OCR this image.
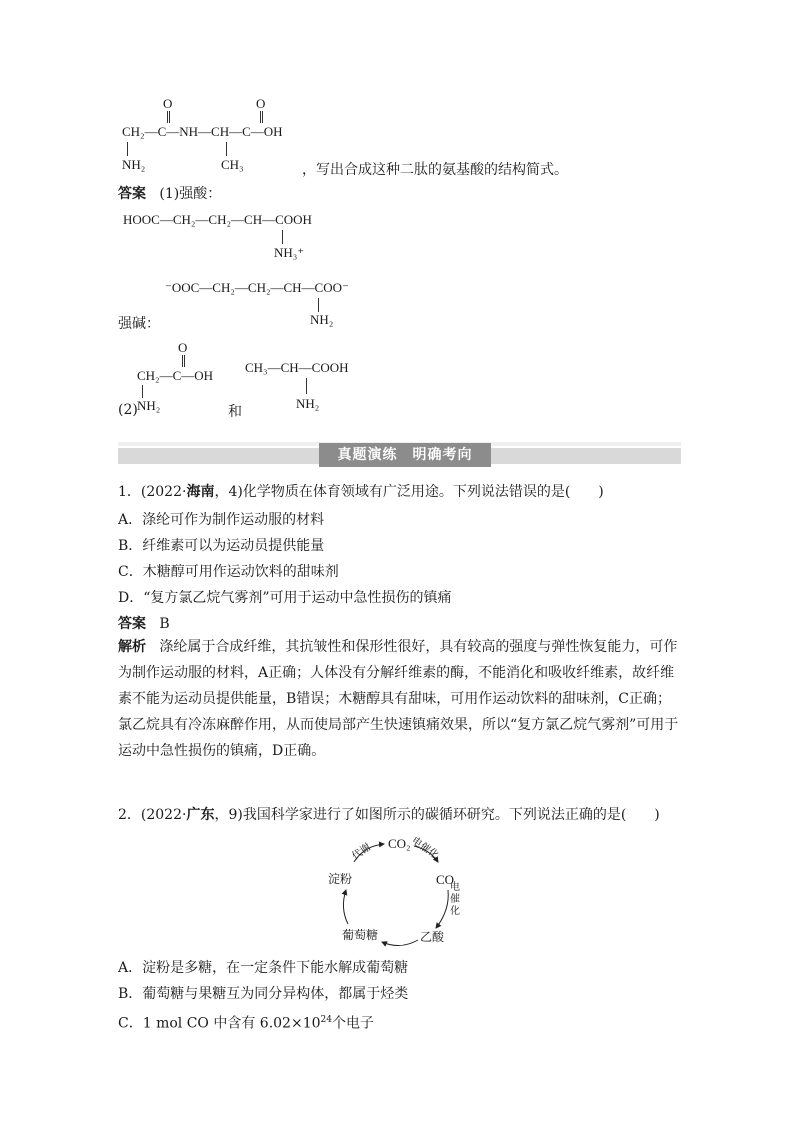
O	O
CH₂—C—NH—CH—C—OH
NH₂	CH₃	，写出合成这种二肽的氨基酸的结构简式。
答案 (1)强酸：
HOOC—CH₂—CH₂—CH—COOH
NH₃⁺
⁻OOC—CH₂—CH₂—CH—COO⁻
强碱：	NH₂
O
CH₂—C—OH
(2) NH₂	和
CH₃—CH—COOH
NH₂
真题演练　明确考向
1．(2022·海南，4)化学物质在体育领域有广泛用途。下列说法错误的是(　　)
A．涤纶可作为制作运动服的材料
B．纤维素可以为运动员提供能量
C．木糖醇可用作运动饮料的甜味剂
D．“复方氯乙烷气雾剂”可用于运动中急性损伤的镇痛
答案 B
解析 涤纶属于合成纤维，其抗皱性和保形性很好，具有较高的强度与弹性恢复能力，可作为制作运动服的材料，A正确；人体没有分解纤维素的酶，不能消化和吸收纤维素，故纤维素不能为运动员提供能量，B错误；木糖醇具有甜味，可用作运动饮料的甜味剂，C正确；氯乙烷具有冷冻麻醉作用，从而使局部产生快速镇痛效果，所以“复方氯乙烷气雾剂”可用于运动中急性损伤的镇痛，D正确。
2．(2022·广东，9)我国科学家进行了如图所示的碳循环研究。下列说法正确的是(　　)
CO₂
CO
乙酸
葡萄糖
淀粉
电催化
电催化
代谢
A．淀粉是多糖，在一定条件下能水解成葡萄糖
B．葡萄糖与果糖互为同分异构体，都属于烃类
C．1 mol CO 中含有 $6.02\times 10^{24}$个电子
